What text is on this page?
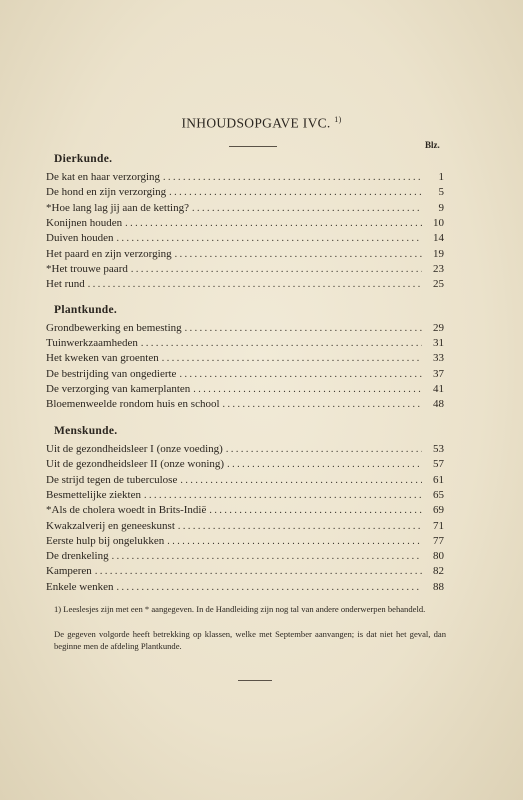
INHOUDSOPGAVE IVC. $^{1)}$
Blz.
Dierkunde.
De kat en haar verzorging . . .	1
De hond en zijn verzorging . . .	5
*Hoe lang lag jij aan de ketting? . . .	9
Konijnen houden . . .	10
Duiven houden . . .	14
Het paard en zijn verzorging . . .	19
*Het trouwe paard . . .	23
Het rund . . .	25
Plantkunde.
Grondbewerking en bemesting . . .	29
Tuinwerkzaamheden . . .	31
Het kweken van groenten . . .	33
De bestrijding van ongedierte . . .	37
De verzorging van kamerplanten . . .	41
Bloemenweelde rondom huis en school . . .	48
Menskunde.
Uit de gezondheidsleer I (onze voeding) . . .	53
Uit de gezondheidsleer II (onze woning) . . .	57
De strijd tegen de tuberculose . . .	61
Besmettelijke ziekten . . .	65
*Als de cholera woedt in Brits-Indië . . .	69
Kwakzalverij en geneeskunst . . .	71
Eerste hulp bij ongelukken . . .	77
De drenkeling . . .	80
Kamperen . . .	82
Enkele wenken . . .	88
1) Leeslesjes zijn met een * aangegeven. In de Handleiding zijn nog tal van andere onderwerpen behandeld.
De gegeven volgorde heeft betrekking op klassen, welke met September aanvangen; is dat niet het geval, dan beginne men de afdeling Plantkunde.
